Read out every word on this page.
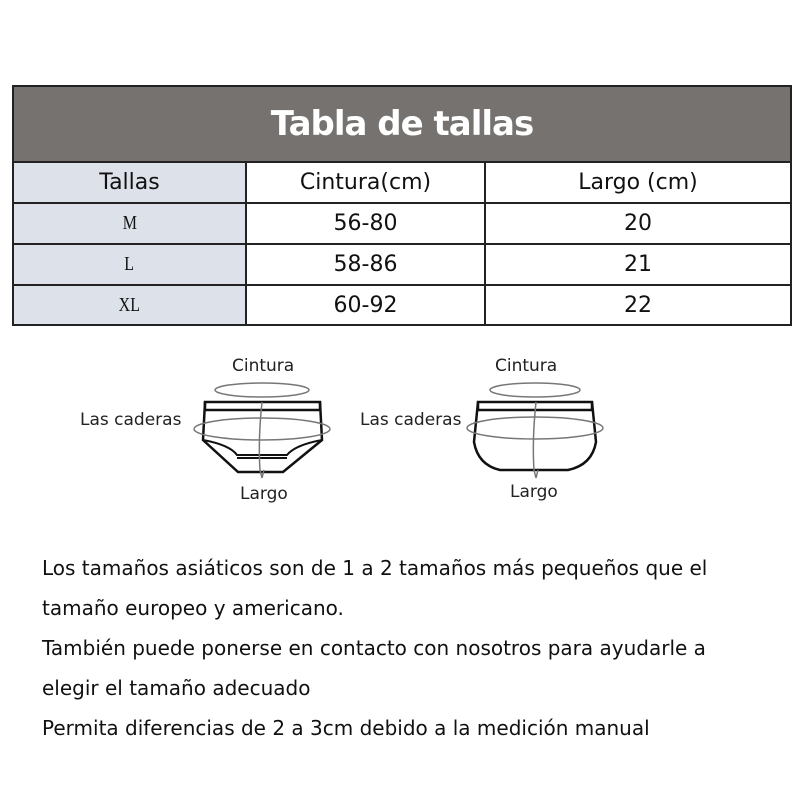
Tabla de tallas
Tallas	Cintura(cm)	Largo (cm)
M	56-80	20
L	58-86	21
XL	60-92	22
Cintura
Las caderas
Largo
Cintura
Las caderas
Largo
Los tamaños asiáticos son de 1 a 2 tamaños más pequeños que el
tamaño europeo y americano.
También puede ponerse en contacto con nosotros para ayudarle a
elegir el tamaño adecuado
Permita diferencias de 2 a 3cm debido a la medición manual
